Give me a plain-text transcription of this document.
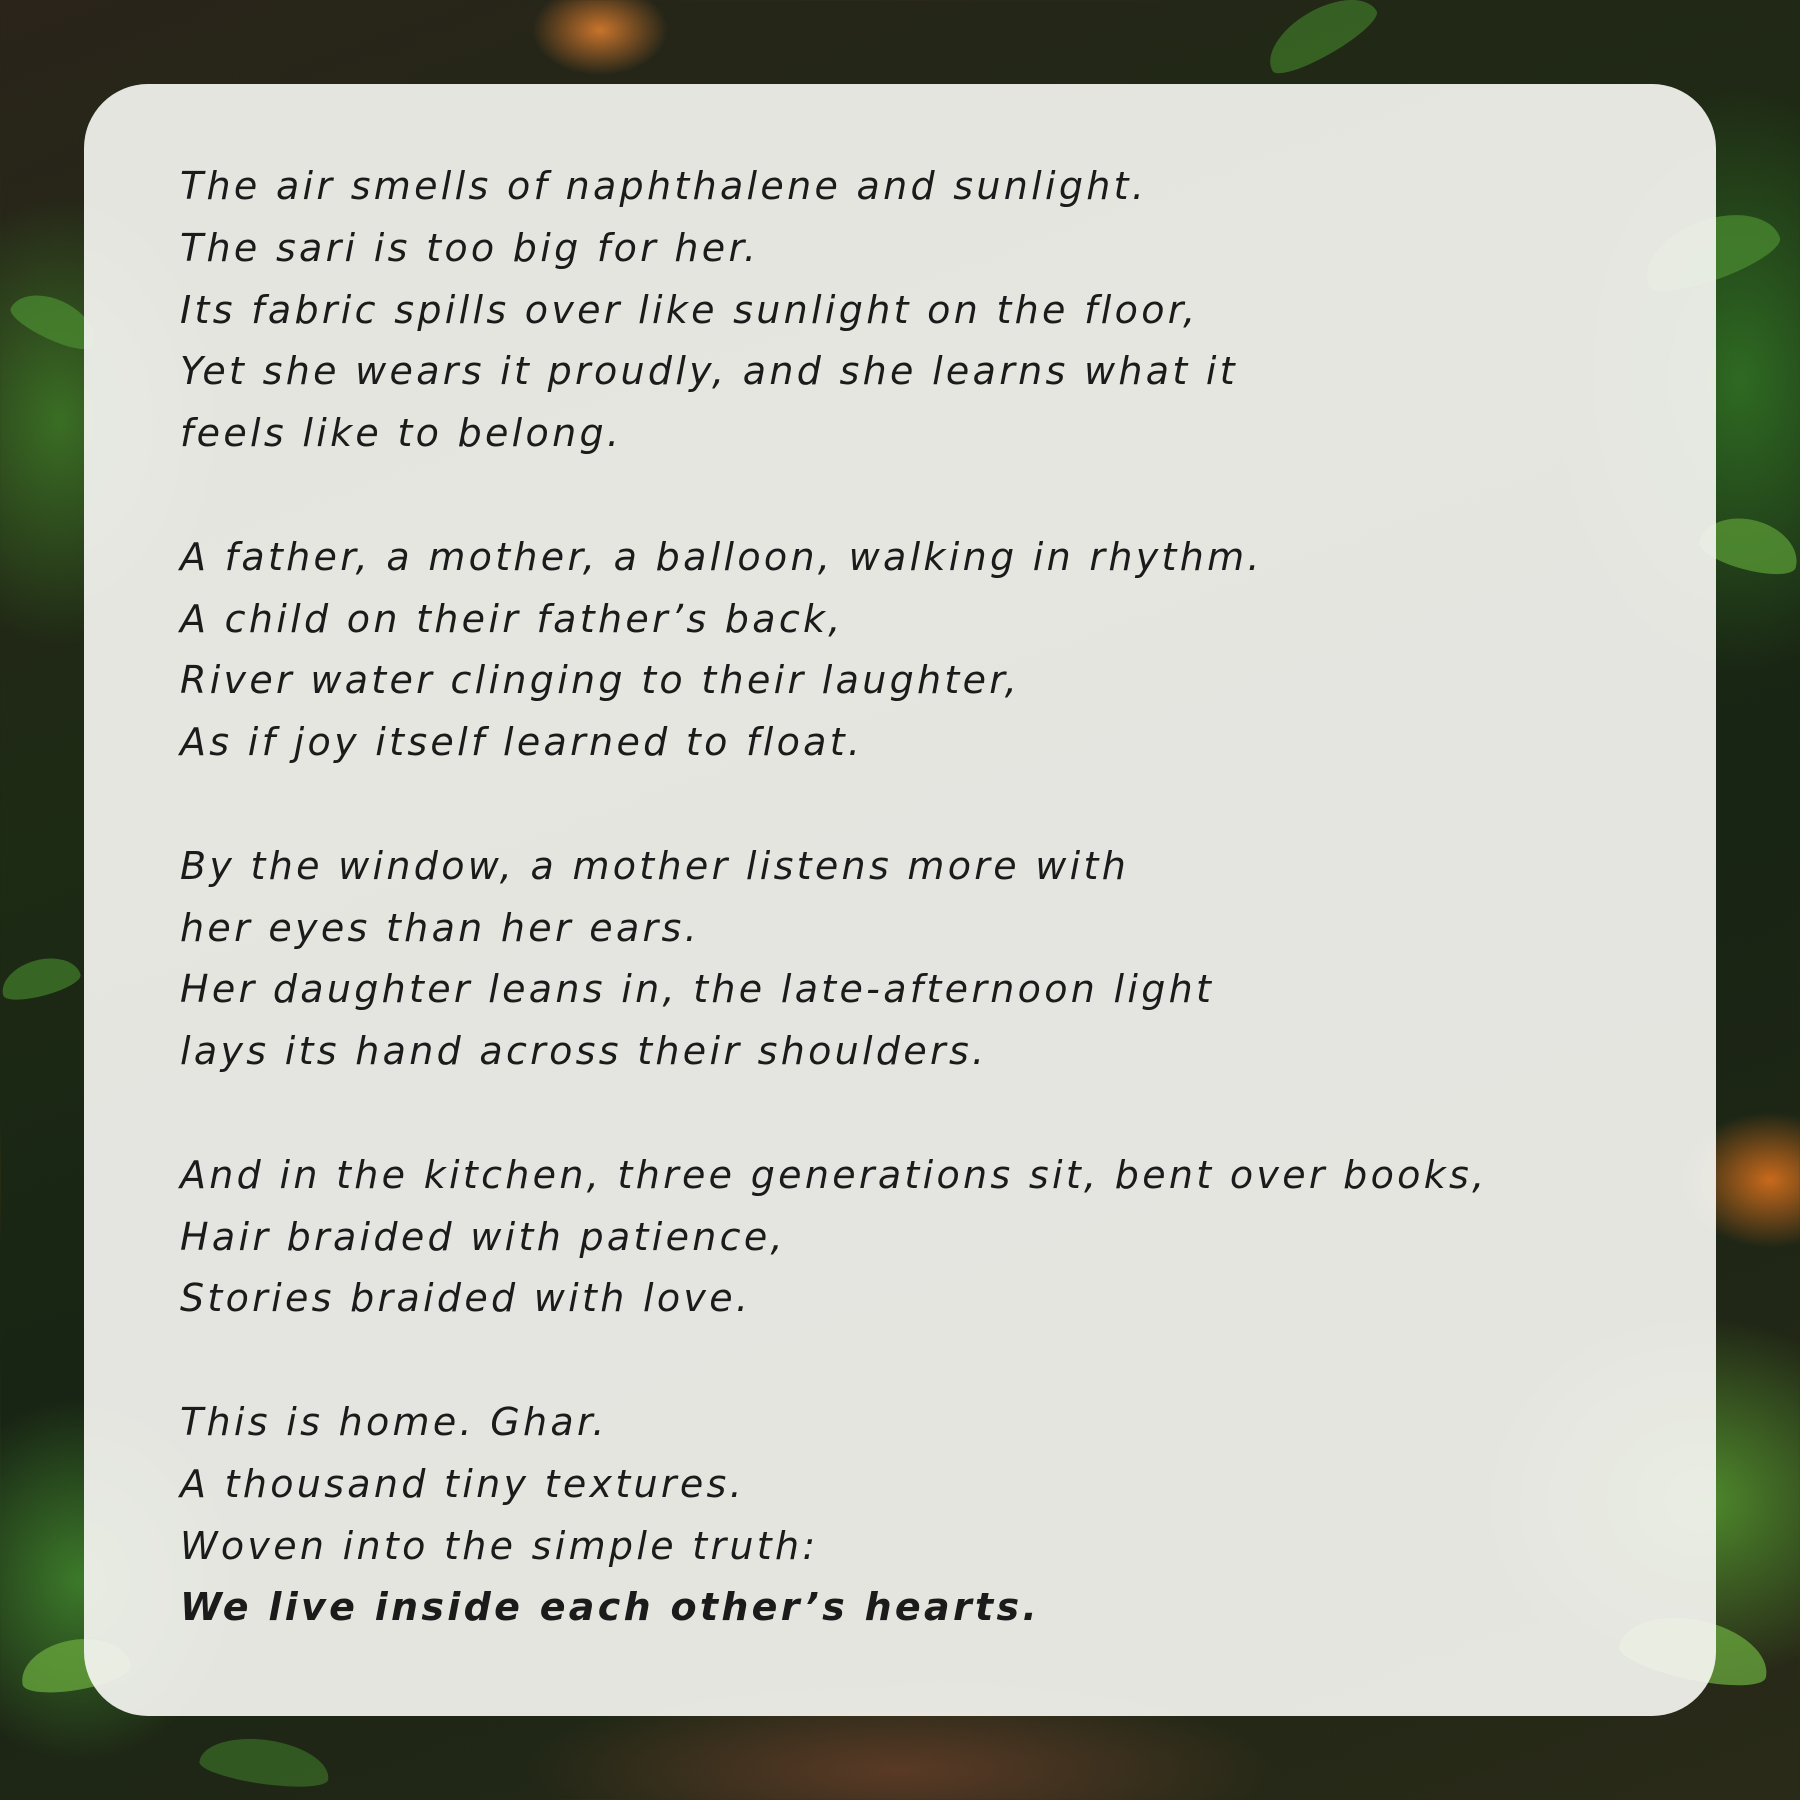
The air smells of naphthalene and sunlight.
The sari is too big for her.
Its fabric spills over like sunlight on the floor,
Yet she wears it proudly, and she learns what it
feels like to belong.
A father, a mother, a balloon, walking in rhythm.
A child on their father’s back,
River water clinging to their laughter,
As if joy itself learned to float.
By the window, a mother listens more with
her eyes than her ears.
Her daughter leans in, the late-afternoon light
lays its hand across their shoulders.
And in the kitchen, three generations sit, bent over books,
Hair braided with patience,
Stories braided with love.
This is home. Ghar.
A thousand tiny textures.
Woven into the simple truth:
We live inside each other’s hearts.
